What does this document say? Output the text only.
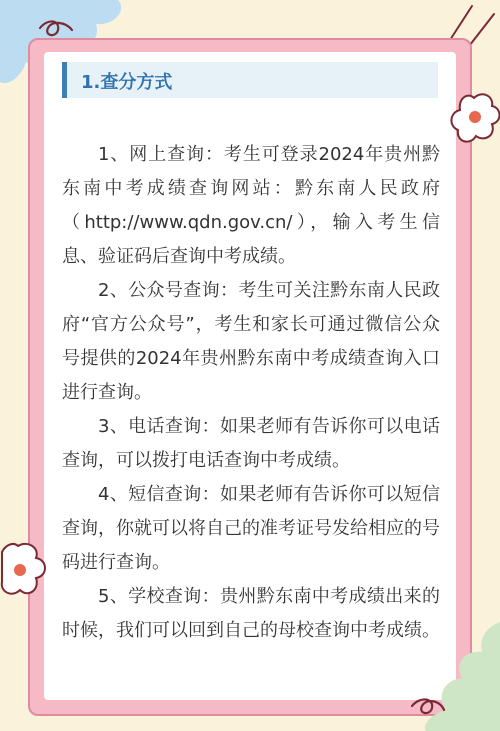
1.查分方式

1、网上查询：考生可登录2024年贵州黔东南中考成绩查询网站：黔东南人民政府（http://www.qdn.gov.cn/），输入考生信息、验证码后查询中考成绩。

2、公众号查询：考生可关注黔东南人民政府“官方公众号”，考生和家长可通过微信公众号提供的2024年贵州黔东南中考成绩查询入口进行查询。

3、电话查询：如果老师有告诉你可以电话查询，可以拨打电话查询中考成绩。

4、短信查询：如果老师有告诉你可以短信查询，你就可以将自己的准考证号发给相应的号码进行查询。

5、学校查询：贵州黔东南中考成绩出来的时候，我们可以回到自己的母校查询中考成绩。
